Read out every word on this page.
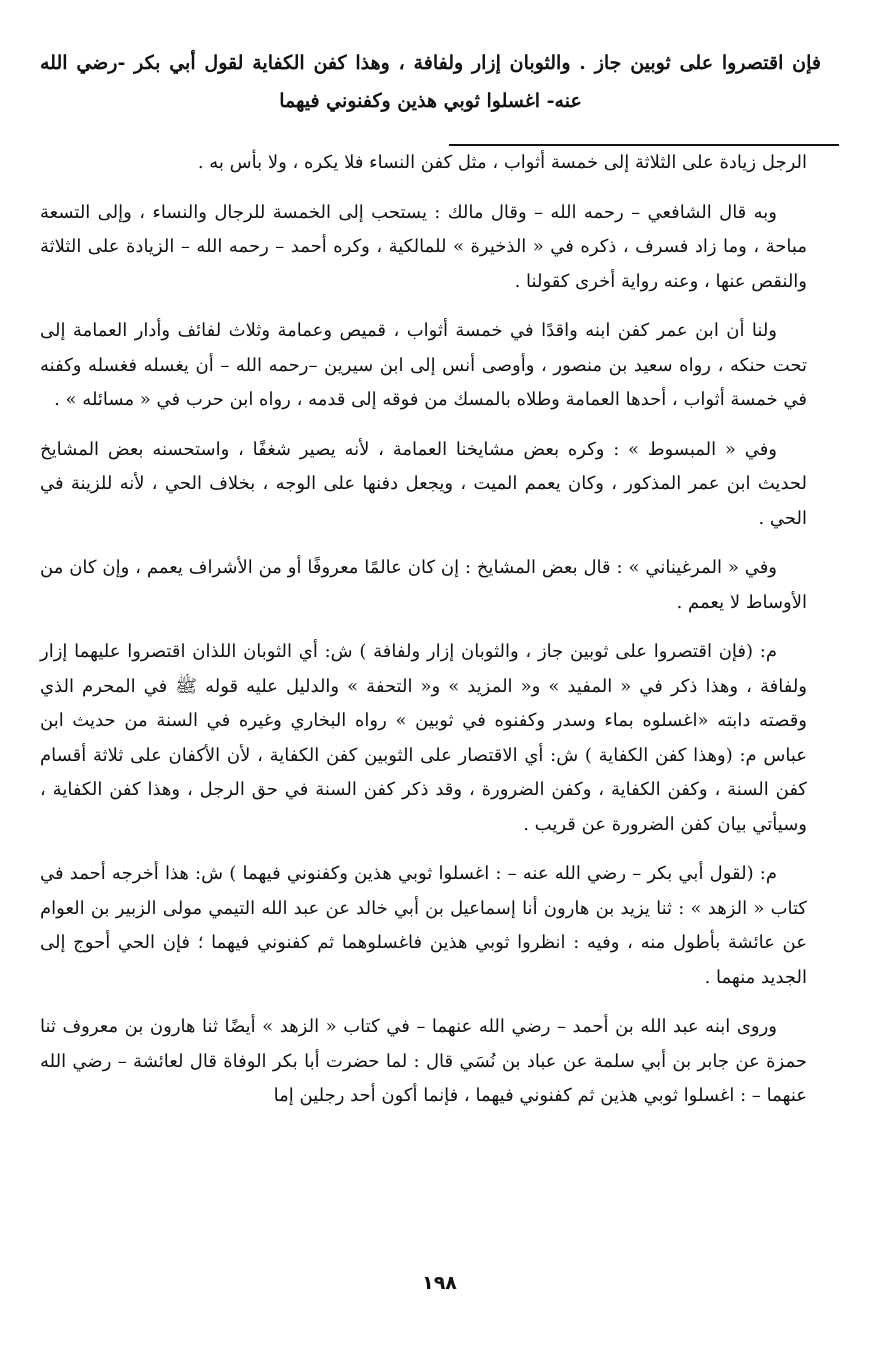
فإن اقتصروا على ثوبين جاز . والثوبان إزار ولفافة ، وهذا كفن الكفاية لقول أبي بكر -رضي الله عنه- اغسلوا ثوبي هذين وكفنوني فيهما

الرجل زيادة على الثلاثة إلى خمسة أثواب ، مثل كفن النساء فلا يكره ، ولا بأس به .

وبه قال الشافعي – رحمه الله – وقال مالك : يستحب إلى الخمسة للرجال والنساء ، وإلى التسعة مباحة ، وما زاد فسرف ، ذكره في « الذخيرة » للمالكية ، وكره أحمد – رحمه الله – الزيادة على الثلاثة والنقص عنها ، وعنه رواية أخرى كقولنا .

ولنا أن ابن عمر كفن ابنه واقدًا في خمسة أثواب ، قميص وعمامة وثلاث لفائف وأدار العمامة إلى تحت حنكه ، رواه سعيد بن منصور ، وأوصى أنس إلى ابن سيرين –رحمه الله – أن يغسله فغسله وكفنه في خمسة أثواب ، أحدها العمامة وطلاه بالمسك من فوقه إلى قدمه ، رواه ابن حرب في « مسائله » .

وفي « المبسوط » : وكره بعض مشايخنا العمامة ، لأنه يصير شغفًا ، واستحسنه بعض المشايخ لحديث ابن عمر المذكور ، وكان يعمم الميت ، ويجعل دفنها على الوجه ، بخلاف الحي ، لأنه للزينة في الحي .

وفي « المرغيناني » : قال بعض المشايخ : إن كان عالمًا معروفًا أو من الأشراف يعمم ، وإن كان من الأوساط لا يعمم .

م: (فإن اقتصروا على ثوبين جاز ، والثوبان إزار ولفافة ) ش: أي الثوبان اللذان اقتصروا عليهما إزار ولفافة ، وهذا ذكر في « المفيد » و« المزيد » و« التحفة » والدليل عليه قوله ﷺ في المحرم الذي وقصته دابته «اغسلوه بماء وسدر وكفنوه في ثوبين » رواه البخاري وغيره في السنة من حديث ابن عباس م: (وهذا كفن الكفاية ) ش: أي الاقتصار على الثوبين كفن الكفاية ، لأن الأكفان على ثلاثة أقسام كفن السنة ، وكفن الكفاية ، وكفن الضرورة ، وقد ذكر كفن السنة في حق الرجل ، وهذا كفن الكفاية ، وسيأتي بيان كفن الضرورة عن قريب .

م: (لقول أبي بكر – رضي الله عنه – : اغسلوا ثوبي هذين وكفنوني فيهما ) ش: هذا أخرجه أحمد في كتاب « الزهد » : ثنا يزيد بن هارون أنا إسماعيل بن أبي خالد عن عبد الله التيمي مولى الزبير بن العوام عن عائشة بأطول منه ، وفيه : انظروا ثوبي هذين فاغسلوهما ثم كفنوني فيهما ؛ فإن الحي أحوج إلى الجديد منهما .

وروى ابنه عبد الله بن أحمد – رضي الله عنهما – في كتاب « الزهد » أيضًا ثنا هارون بن معروف ثنا حمزة عن جابر بن أبي سلمة عن عباد بن نُسَي قال : لما حضرت أبا بكر الوفاة قال لعائشة – رضي الله عنهما – : اغسلوا ثوبي هذين ثم كفنوني فيهما ، فإنما أكون أحد رجلين إما

١٩٨
